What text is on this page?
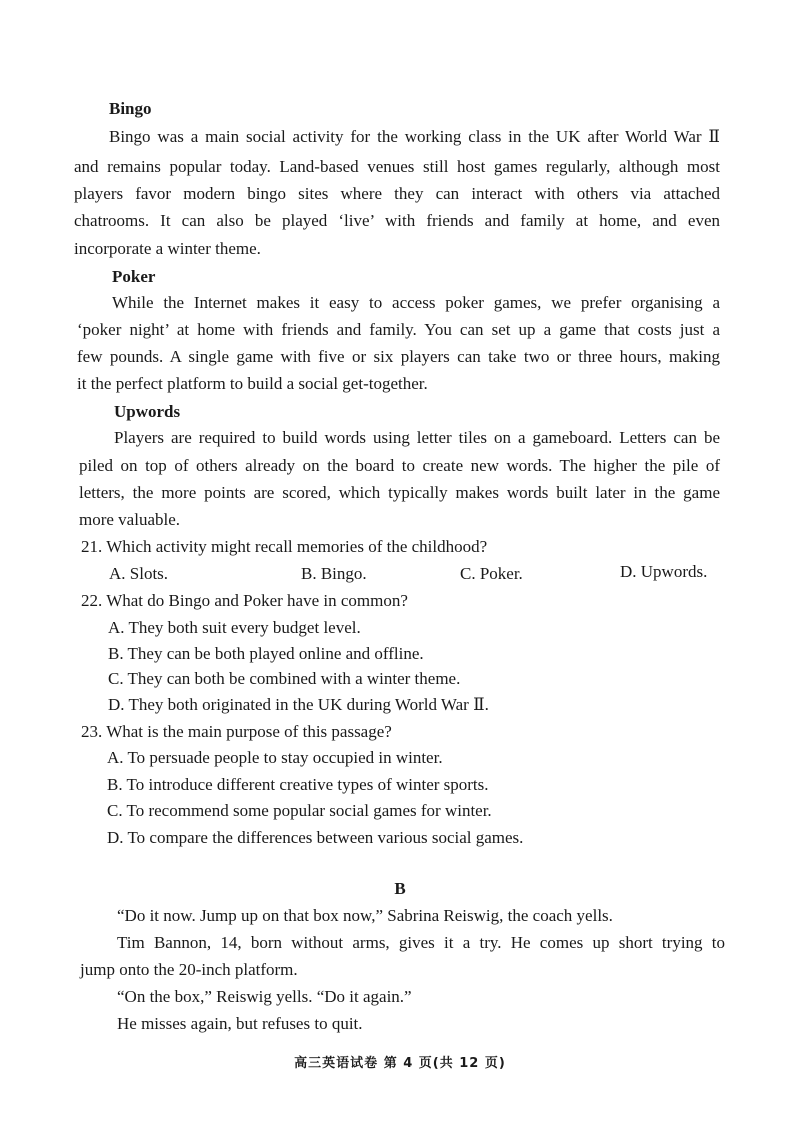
Bingo
Bingo was a main social activity for the working class in the UK after World War Ⅱ
and remains popular today. Land-based venues still host games regularly, although most
players favor modern bingo sites where they can interact with others via attached
chatrooms. It can also be played ‘live’ with friends and family at home, and even
incorporate a winter theme.
Poker
While the Internet makes it easy to access poker games, we prefer organising a
‘poker night’ at home with friends and family. You can set up a game that costs just a
few pounds. A single game with five or six players can take two or three hours, making
it the perfect platform to build a social get-together.
Upwords
Players are required to build words using letter tiles on a gameboard. Letters can be
piled on top of others already on the board to create new words. The higher the pile of
letters, the more points are scored, which typically makes words built later in the game
more valuable.
21. Which activity might recall memories of the childhood?
A. Slots.	B. Bingo.	C. Poker.	D. Upwords.
22. What do Bingo and Poker have in common?
A. They both suit every budget level.
B. They can be both played online and offline.
C. They can both be combined with a winter theme.
D. They both originated in the UK during World War Ⅱ.
23. What is the main purpose of this passage?
A. To persuade people to stay occupied in winter.
B. To introduce different creative types of winter sports.
C. To recommend some popular social games for winter.
D. To compare the differences between various social games.
B
“Do it now. Jump up on that box now,” Sabrina Reiswig, the coach yells.
Tim Bannon, 14, born without arms, gives it a try. He comes up short trying to
jump onto the 20-inch platform.
“On the box,” Reiswig yells. “Do it again.”
He misses again, but refuses to quit.
高三英语试卷 第 4 页(共 12 页)
